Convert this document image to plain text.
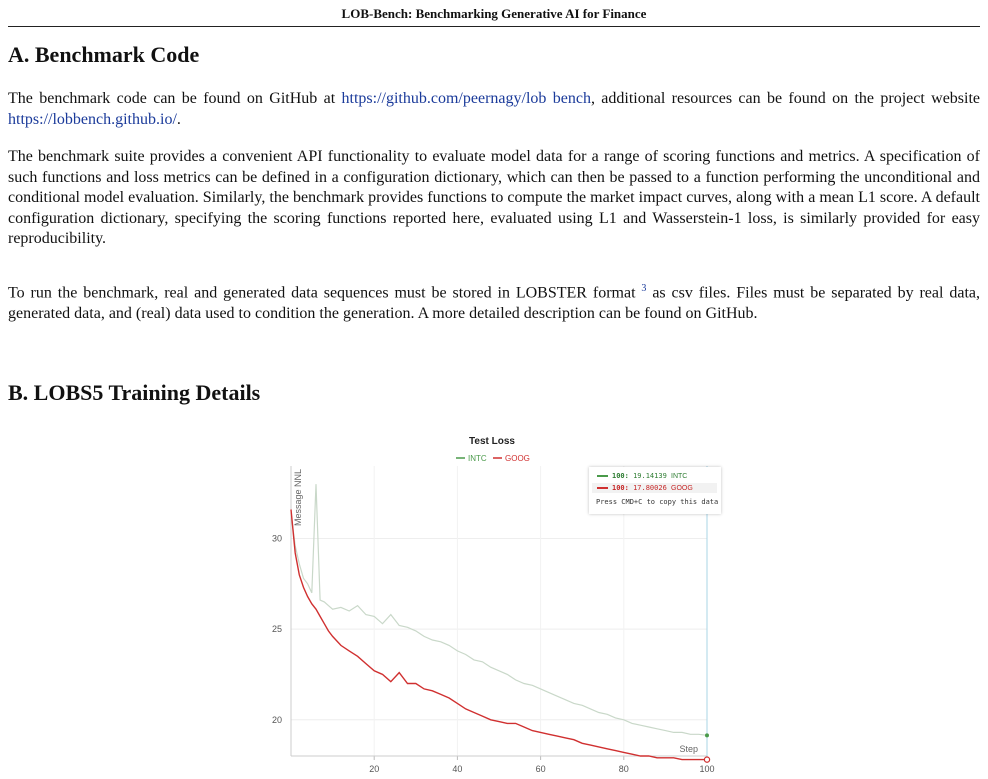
LOB-Bench: Benchmarking Generative AI for Finance
A. Benchmark Code

The benchmark code can be found on GitHub at https://github.com/peernagy/lob bench, additional resources can be found on the project website https://lobbench.github.io/.

The benchmark suite provides a convenient API functionality to evaluate model data for a range of scoring functions and metrics. A specification of such functions and loss metrics can be defined in a configuration dictionary, which can then be passed to a function performing the unconditional and conditional model evaluation. Similarly, the benchmark provides functions to compute the market impact curves, along with a mean L1 score. A default configuration dictionary, specifying the scoring functions reported here, evaluated using L1 and Wasserstein-1 loss, is similarly provided for easy reproducibility.

To run the benchmark, real and generated data sequences must be stored in LOBSTER format $^3$ as csv files. Files must be separated by real data, generated data, and (real) data used to condition the generation. A more detailed description can be found on GitHub.

B. LOBS5 Training Details
20
25
30
20	40	60	80	100
Test Loss
INTC GOOG
Message NNL
Step
100: 19.14139 INTC
100: 17.80026 GOOG
Press CMD+C to copy this data
